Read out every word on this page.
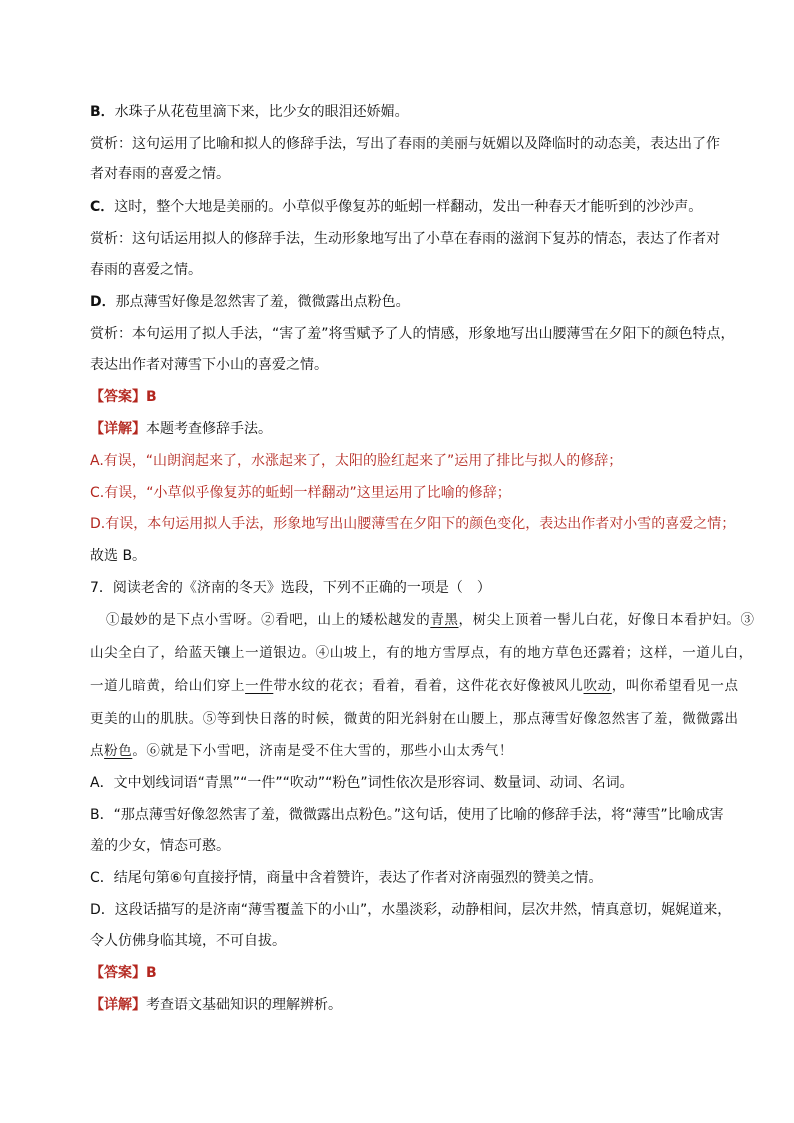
B．水珠子从花苞里滴下来，比少女的眼泪还娇媚。
赏析：这句运用了比喻和拟人的修辞手法，写出了春雨的美丽与妩媚以及降临时的动态美，表达出了作
者对春雨的喜爱之情。
C．这时，整个大地是美丽的。小草似乎像复苏的蚯蚓一样翻动，发出一种春天才能听到的沙沙声。
赏析：这句话运用拟人的修辞手法，生动形象地写出了小草在春雨的滋润下复苏的情态，表达了作者对
春雨的喜爱之情。
D．那点薄雪好像是忽然害了羞，微微露出点粉色。
赏析：本句运用了拟人手法，“害了羞”将雪赋予了人的情感，形象地写出山腰薄雪在夕阳下的颜色特点，
表达出作者对薄雪下小山的喜爱之情。
【答案】B
【详解】本题考查修辞手法。
A.有误，“山朗润起来了，水涨起来了，太阳的脸红起来了”运用了排比与拟人的修辞；
C.有误，“小草似乎像复苏的蚯蚓一样翻动”这里运用了比喻的修辞；
D.有误，本句运用拟人手法，形象地写出山腰薄雪在夕阳下的颜色变化，表达出作者对小雪的喜爱之情；
故选 B。
7．阅读老舍的《济南的冬天》选段，下列不正确的一项是（　）
①最妙的是下点小雪呀。②看吧，山上的矮松越发的青黑，树尖上顶着一髻儿白花，好像日本看护妇。③
山尖全白了，给蓝天镶上一道银边。④山坡上，有的地方雪厚点，有的地方草色还露着；这样，一道儿白，
一道儿暗黄，给山们穿上一件带水纹的花衣；看着，看着，这件花衣好像被风儿吹动，叫你希望看见一点
更美的山的肌肤。⑤等到快日落的时候，微黄的阳光斜射在山腰上，那点薄雪好像忽然害了羞，微微露出
点粉色。⑥就是下小雪吧，济南是受不住大雪的，那些小山太秀气！
A．文中划线词语“青黑”“一件”“吹动”“粉色”词性依次是形容词、数量词、动词、名词。
B．“那点薄雪好像忽然害了羞，微微露出点粉色。”这句话，使用了比喻的修辞手法，将“薄雪”比喻成害
羞的少女，情态可憨。
C．结尾句第⑥句直接抒情，商量中含着赞许，表达了作者对济南强烈的赞美之情。
D．这段话描写的是济南“薄雪覆盖下的小山”，水墨淡彩，动静相间，层次井然，情真意切，娓娓道来，
令人仿佛身临其境，不可自拔。
【答案】B
【详解】考查语文基础知识的理解辨析。
